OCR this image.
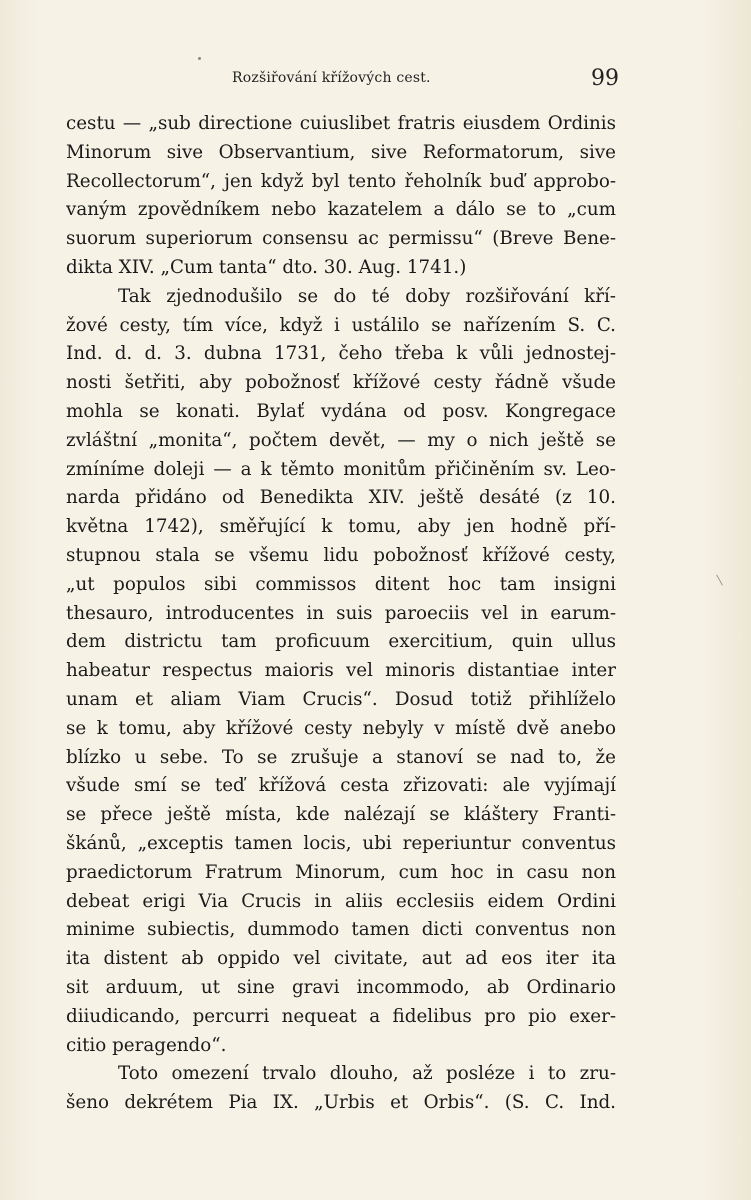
Rozšiřování křížových cest.	99
cestu — „sub directione cuiuslibet fratris eiusdem Ordinis
Minorum sive Observantium, sive Reformatorum, sive
Recollectorum“, jen když byl tento řeholník buď approbo-
vaným zpovědníkem nebo kazatelem a dálo se to „cum
suorum superiorum consensu ac permissu“ (Breve Bene-
dikta XIV. „Cum tanta“ dto. 30. Aug. 1741.)
Tak zjednodušilo se do té doby rozšiřování kří-
žové cesty, tím více, když i ustálilo se nařízením S. C.
Ind. d. d. 3. dubna 1731, čeho třeba k vůli jednostej-
nosti šetřiti, aby pobožnosť křížové cesty řádně všude
mohla se konati. Bylať vydána od posv. Kongregace
zvláštní „monita“, počtem devět, — my o nich ještě se
zmíníme doleji — a k těmto monitům přičiněním sv. Leo-
narda přidáno od Benedikta XIV. ještě desáté (z 10.
května 1742), směřující k tomu, aby jen hodně pří-
stupnou stala se všemu lidu pobožnosť křížové cesty,
„ut populos sibi commissos ditent hoc tam insigni
thesauro, introducentes in suis paroeciis vel in earum-
dem districtu tam proficuum exercitium, quin ullus
habeatur respectus maioris vel minoris distantiae inter
unam et aliam Viam Crucis“. Dosud totiž přihlíželo
se k tomu, aby křížové cesty nebyly v místě dvě anebo
blízko u sebe. To se zrušuje a stanoví se nad to, že
všude smí se teď křížová cesta zřizovati: ale vyjímají
se přece ještě místa, kde nalézají se kláštery Franti-
škánů, „exceptis tamen locis, ubi reperiuntur conventus
praedictorum Fratrum Minorum, cum hoc in casu non
debeat erigi Via Crucis in aliis ecclesiis eidem Ordini
minime subiectis, dummodo tamen dicti conventus non
ita distent ab oppido vel civitate, aut ad eos iter ita
sit arduum, ut sine gravi incommodo, ab Ordinario
diiudicando, percurri nequeat a fidelibus pro pio exer-
citio peragendo“.
Toto omezení trvalo dlouho, až posléze i to zru-
šeno dekrétem Pia IX. „Urbis et Orbis“. (S. C. Ind.
